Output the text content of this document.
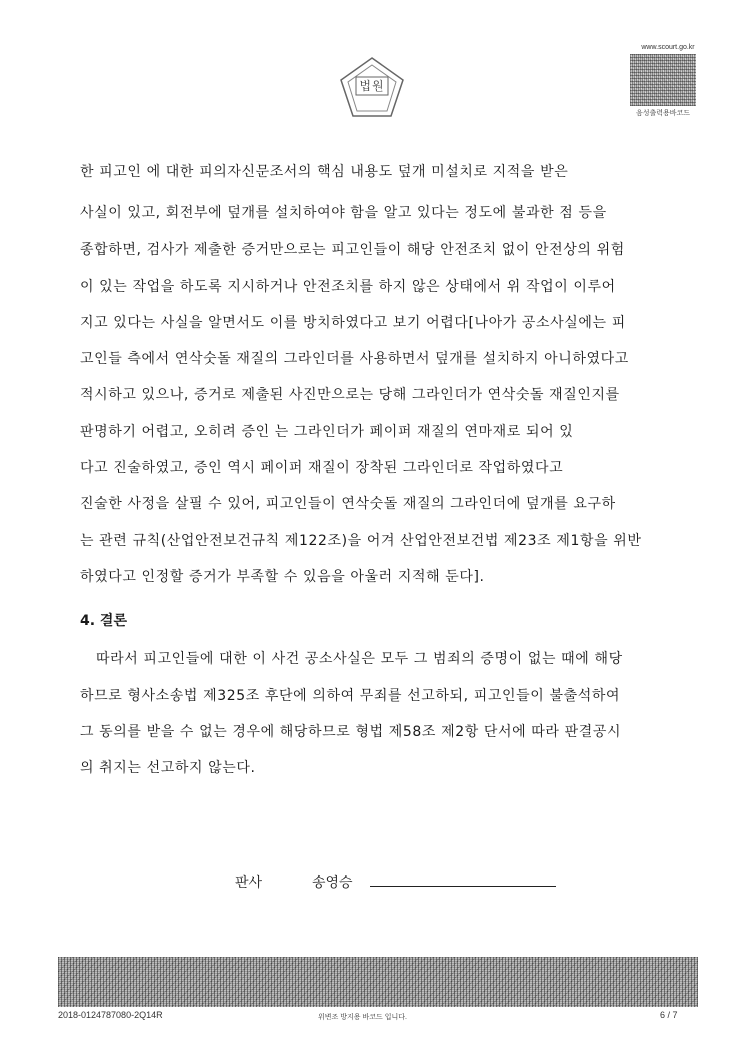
법원
www.scourt.go.kr
음성출력용바코드
한 피고인 에 대한 피의자신문조서의 핵심 내용도 덮개 미설치로 지적을 받은
사실이 있고, 회전부에 덮개를 설치하여야 함을 알고 있다는 정도에 불과한 점 등을
종합하면, 검사가 제출한 증거만으로는 피고인들이 해당 안전조치 없이 안전상의 위험
이 있는 작업을 하도록 지시하거나 안전조치를 하지 않은 상태에서 위 작업이 이루어
지고 있다는 사실을 알면서도 이를 방치하였다고 보기 어렵다[나아가 공소사실에는 피
고인들 측에서 연삭숫돌 재질의 그라인더를 사용하면서 덮개를 설치하지 아니하였다고
적시하고 있으나, 증거로 제출된 사진만으로는 당해 그라인더가 연삭숫돌 재질인지를
판명하기 어렵고, 오히려 증인 는 그라인더가 페이퍼 재질의 연마재로 되어 있
다고 진술하였고, 증인 역시 페이퍼 재질이 장착된 그라인더로 작업하였다고
진술한 사정을 살필 수 있어, 피고인들이 연삭숫돌 재질의 그라인더에 덮개를 요구하
는 관련 규칙(산업안전보건규칙 제122조)을 어겨 산업안전보건법 제23조 제1항을 위반
하였다고 인정할 증거가 부족할 수 있음을 아울러 지적해 둔다].
4. 결론
따라서 피고인들에 대한 이 사건 공소사실은 모두 그 범죄의 증명이 없는 때에 해당
하므로 형사소송법 제325조 후단에 의하여 무죄를 선고하되, 피고인들이 불출석하여
그 동의를 받을 수 없는 경우에 해당하므로 형법 제58조 제2항 단서에 따라 판결공시
의 취지는 선고하지 않는다.
판사	송영승
2018-0124787080-2Q14R	위변조 방지용 바코드 입니다.	6 / 7
